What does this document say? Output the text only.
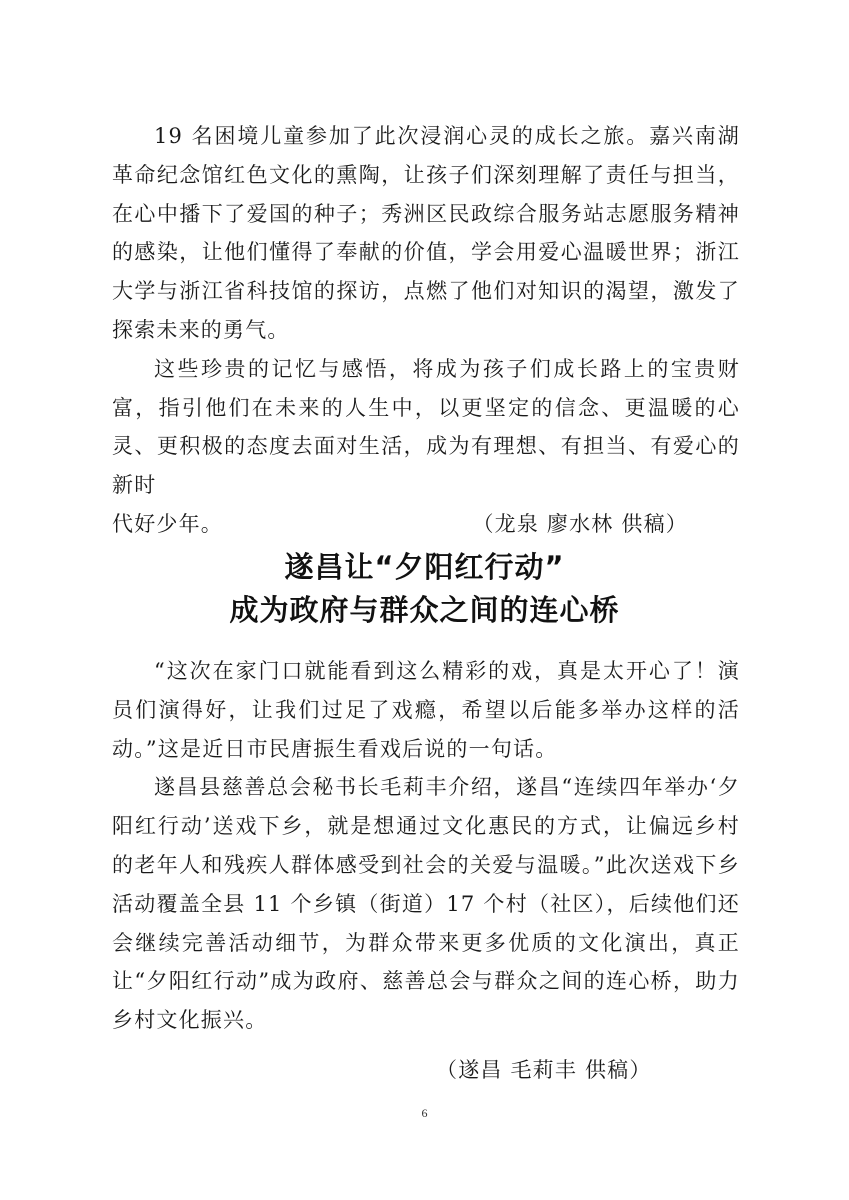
19 名困境儿童参加了此次浸润心灵的成长之旅。嘉兴南湖革命纪念馆红色文化的熏陶，让孩子们深刻理解了责任与担当，在心中播下了爱国的种子；秀洲区民政综合服务站志愿服务精神的感染，让他们懂得了奉献的价值，学会用爱心温暖世界；浙江大学与浙江省科技馆的探访，点燃了他们对知识的渴望，激发了探索未来的勇气。

这些珍贵的记忆与感悟，将成为孩子们成长路上的宝贵财富，指引他们在未来的人生中，以更坚定的信念、更温暖的心灵、更积极的态度去面对生活，成为有理想、有担当、有爱心的新时

代好少年。	（龙泉 廖水林 供稿）

遂昌让“夕阳红行动”
成为政府与群众之间的连心桥

“这次在家门口就能看到这么精彩的戏，真是太开心了！演员们演得好，让我们过足了戏瘾，希望以后能多举办这样的活动。”这是近日市民唐振生看戏后说的一句话。

遂昌县慈善总会秘书长毛莉丰介绍，遂昌“连续四年举办‘夕阳红行动’送戏下乡，就是想通过文化惠民的方式，让偏远乡村的老年人和残疾人群体感受到社会的关爱与温暖。”此次送戏下乡活动覆盖全县 11 个乡镇（街道）17 个村（社区），后续他们还会继续完善活动细节，为群众带来更多优质的文化演出，真正让“夕阳红行动”成为政府、慈善总会与群众之间的连心桥，助力乡村文化振兴。

（遂昌 毛莉丰 供稿）
6
